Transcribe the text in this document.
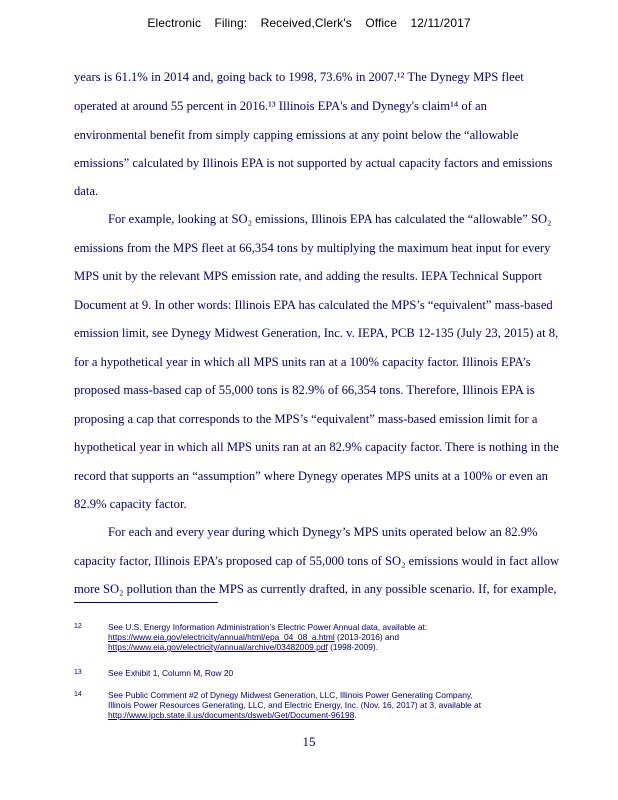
Electronic Filing: Received,Clerk's Office 12/11/2017
years is 61.1% in 2014 and, going back to 1998, 73.6% in 2007.¹² The Dynegy MPS fleet
operated at around 55 percent in 2016.¹³ Illinois EPA's and Dynegy's claim¹⁴ of an
environmental benefit from simply capping emissions at any point below the “allowable
emissions” calculated by Illinois EPA is not supported by actual capacity factors and emissions
data.
For example, looking at SO₂ emissions, Illinois EPA has calculated the “allowable” SO₂
emissions from the MPS fleet at 66,354 tons by multiplying the maximum heat input for every
MPS unit by the relevant MPS emission rate, and adding the results. IEPA Technical Support
Document at 9. In other words: Illinois EPA has calculated the MPS’s “equivalent” mass-based
emission limit, see Dynegy Midwest Generation, Inc. v. IEPA, PCB 12-135 (July 23, 2015) at 8,
for a hypothetical year in which all MPS units ran at a 100% capacity factor. Illinois EPA’s
proposed mass-based cap of 55,000 tons is 82.9% of 66,354 tons. Therefore, Illinois EPA is
proposing a cap that corresponds to the MPS’s “equivalent” mass-based emission limit for a
hypothetical year in which all MPS units ran at an 82.9% capacity factor. There is nothing in the
record that supports an “assumption” where Dynegy operates MPS units at a 100% or even an
82.9% capacity factor.
For each and every year during which Dynegy’s MPS units operated below an 82.9%
capacity factor, Illinois EPA’s proposed cap of 55,000 tons of SO₂ emissions would in fact allow
more SO₂ pollution than the MPS as currently drafted, in any possible scenario. If, for example,
12	See U.S. Energy Information Administration’s Electric Power Annual data, available at:
https://www.eia.gov/electricity/annual/html/epa_04_08_a.html (2013-2016) and
https://www.eia.gov/electricity/annual/archive/03482009.pdf (1998-2009).
13	See Exhibit 1, Column M, Row 20
14	See Public Comment #2 of Dynegy Midwest Generation, LLC, Illinois Power Generating Company,
Illinois Power Resources Generating, LLC, and Electric Energy, Inc. (Nov. 16, 2017) at 3, available at
http://www.ipcb.state.il.us/documents/dsweb/Get/Document-96198.
15
